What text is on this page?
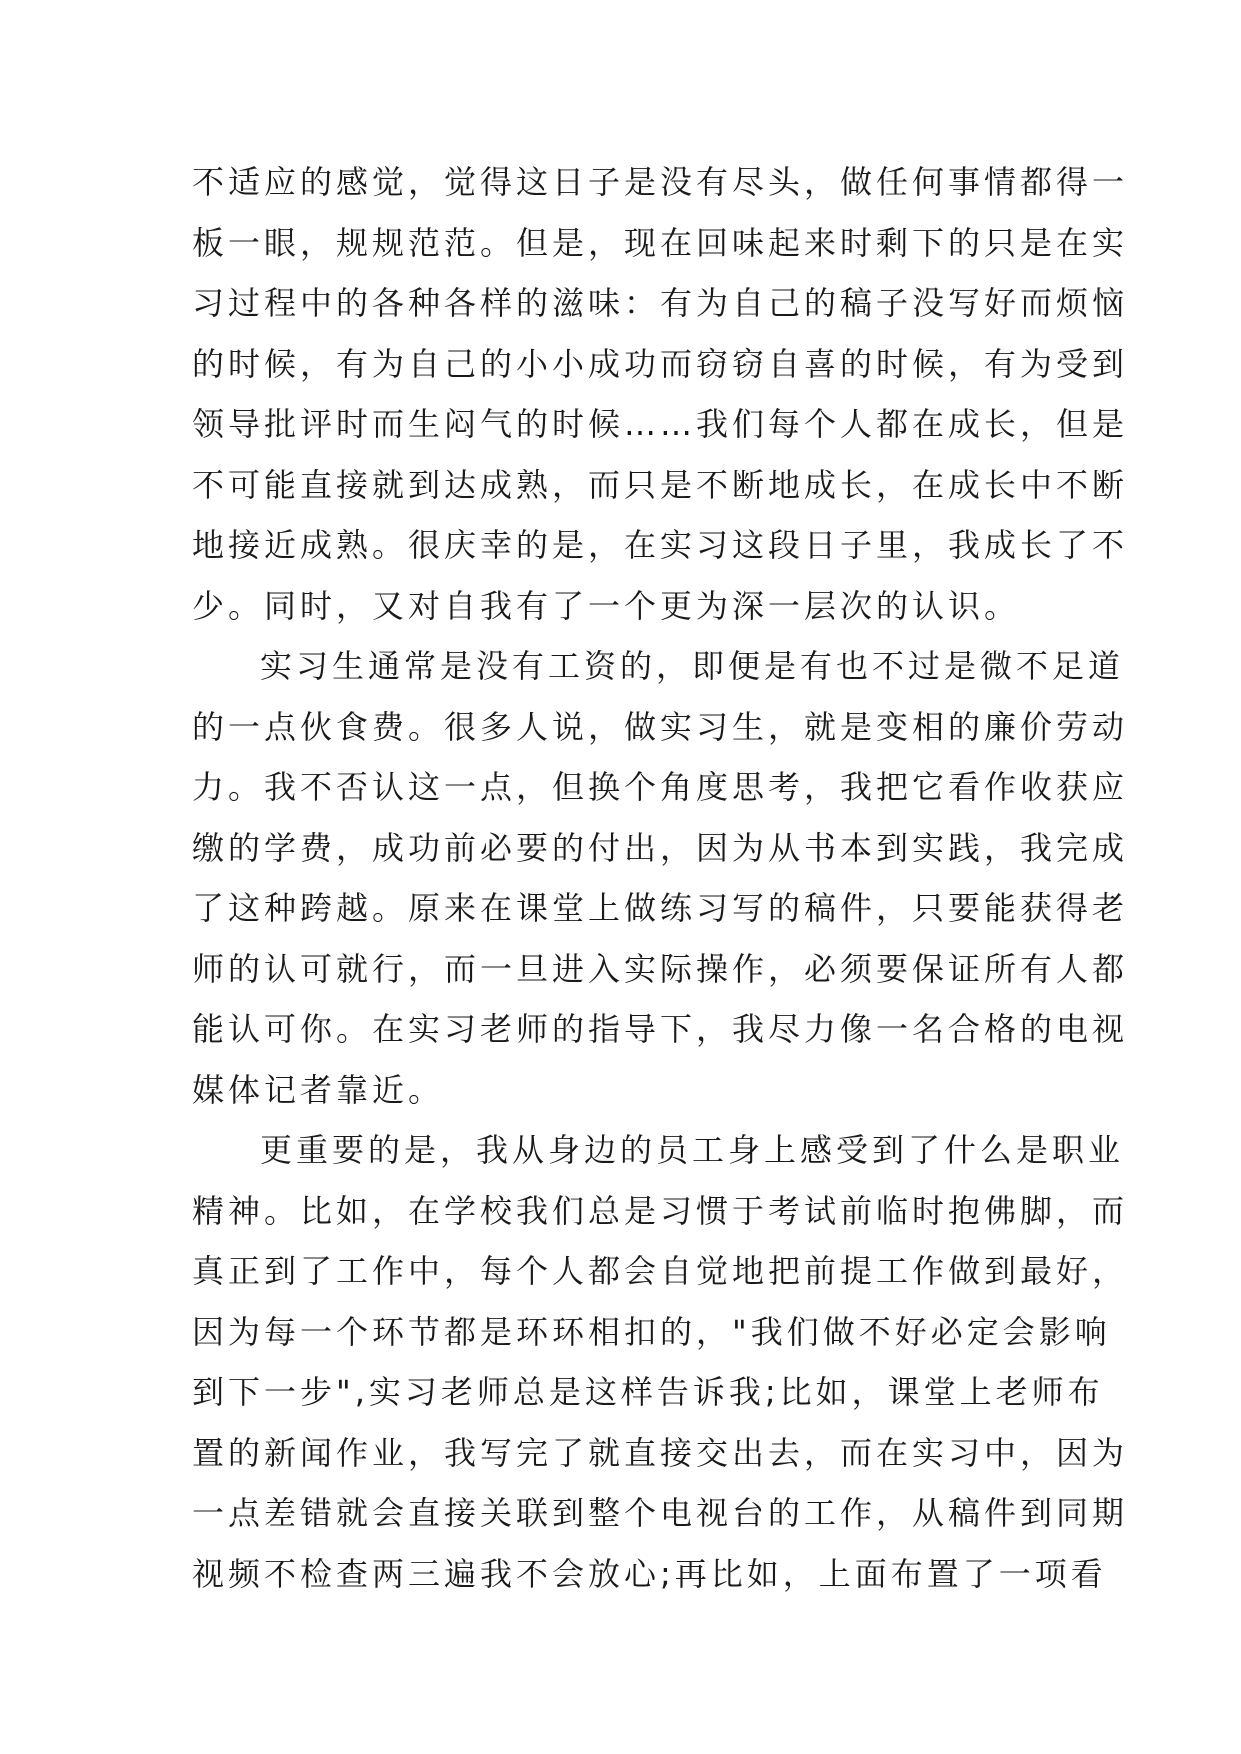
不适应的感觉，觉得这日子是没有尽头，做任何事情都得一
板一眼，规规范范。但是，现在回味起来时剩下的只是在实
习过程中的各种各样的滋味：有为自己的稿子没写好而烦恼
的时候，有为自己的小小成功而窃窃自喜的时候，有为受到
领导批评时而生闷气的时候……我们每个人都在成长，但是
不可能直接就到达成熟，而只是不断地成长，在成长中不断
地接近成熟。很庆幸的是，在实习这段日子里，我成长了不
少。同时，又对自我有了一个更为深一层次的认识。
实习生通常是没有工资的，即便是有也不过是微不足道
的一点伙食费。很多人说，做实习生，就是变相的廉价劳动
力。我不否认这一点，但换个角度思考，我把它看作收获应
缴的学费，成功前必要的付出，因为从书本到实践，我完成
了这种跨越。原来在课堂上做练习写的稿件，只要能获得老
师的认可就行，而一旦进入实际操作，必须要保证所有人都
能认可你。在实习老师的指导下，我尽力像一名合格的电视
媒体记者靠近。
更重要的是，我从身边的员工身上感受到了什么是职业
精神。比如，在学校我们总是习惯于考试前临时抱佛脚，而
真正到了工作中，每个人都会自觉地把前提工作做到最好，
因为每一个环节都是环环相扣的，"我们做不好必定会影响
到下一步",实习老师总是这样告诉我;比如，课堂上老师布
置的新闻作业，我写完了就直接交出去，而在实习中，因为
一点差错就会直接关联到整个电视台的工作，从稿件到同期
视频不检查两三遍我不会放心;再比如，上面布置了一项看
